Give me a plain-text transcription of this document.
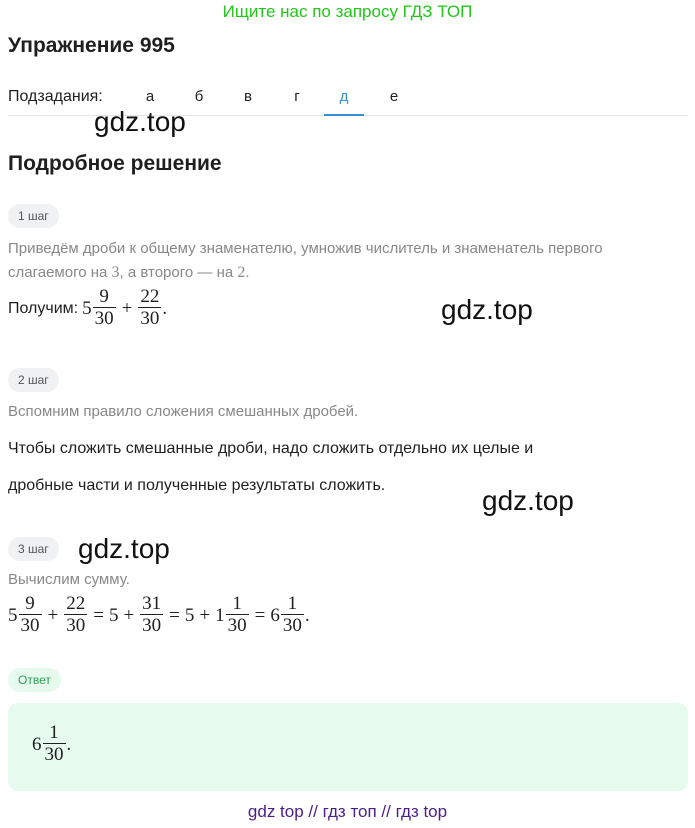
Ищите нас по запросу ГДЗ ТОП
Упражнение 995
Подзадания:	а	б	в	г	д	е
gdz.top
Подробное решение
1 шаг
Приведём дроби к общему знаменателю, умножив числитель и знаменатель первого
слагаемого на 3, а второго — на 2.
Получим: $5 \frac{9}{30} + \frac{22}{30}$ .	gdz.top
2 шаг
Вспомним правило сложения смешанных дробей.
Чтобы сложить смешанные дроби, надо сложить отдельно их целые и
дробные части и полученные результаты сложить.	gdz.top
3 шаг	gdz.top
Вычислим сумму.
$5 \frac{9}{30} + \frac{22}{30} = 5 + \frac{31}{30} = 5 + 1 \frac{1}{30} = 6 \frac{1}{30}$ .
Ответ
$6 \frac{1}{30}$ .
gdz top // гдз топ // гдз top
